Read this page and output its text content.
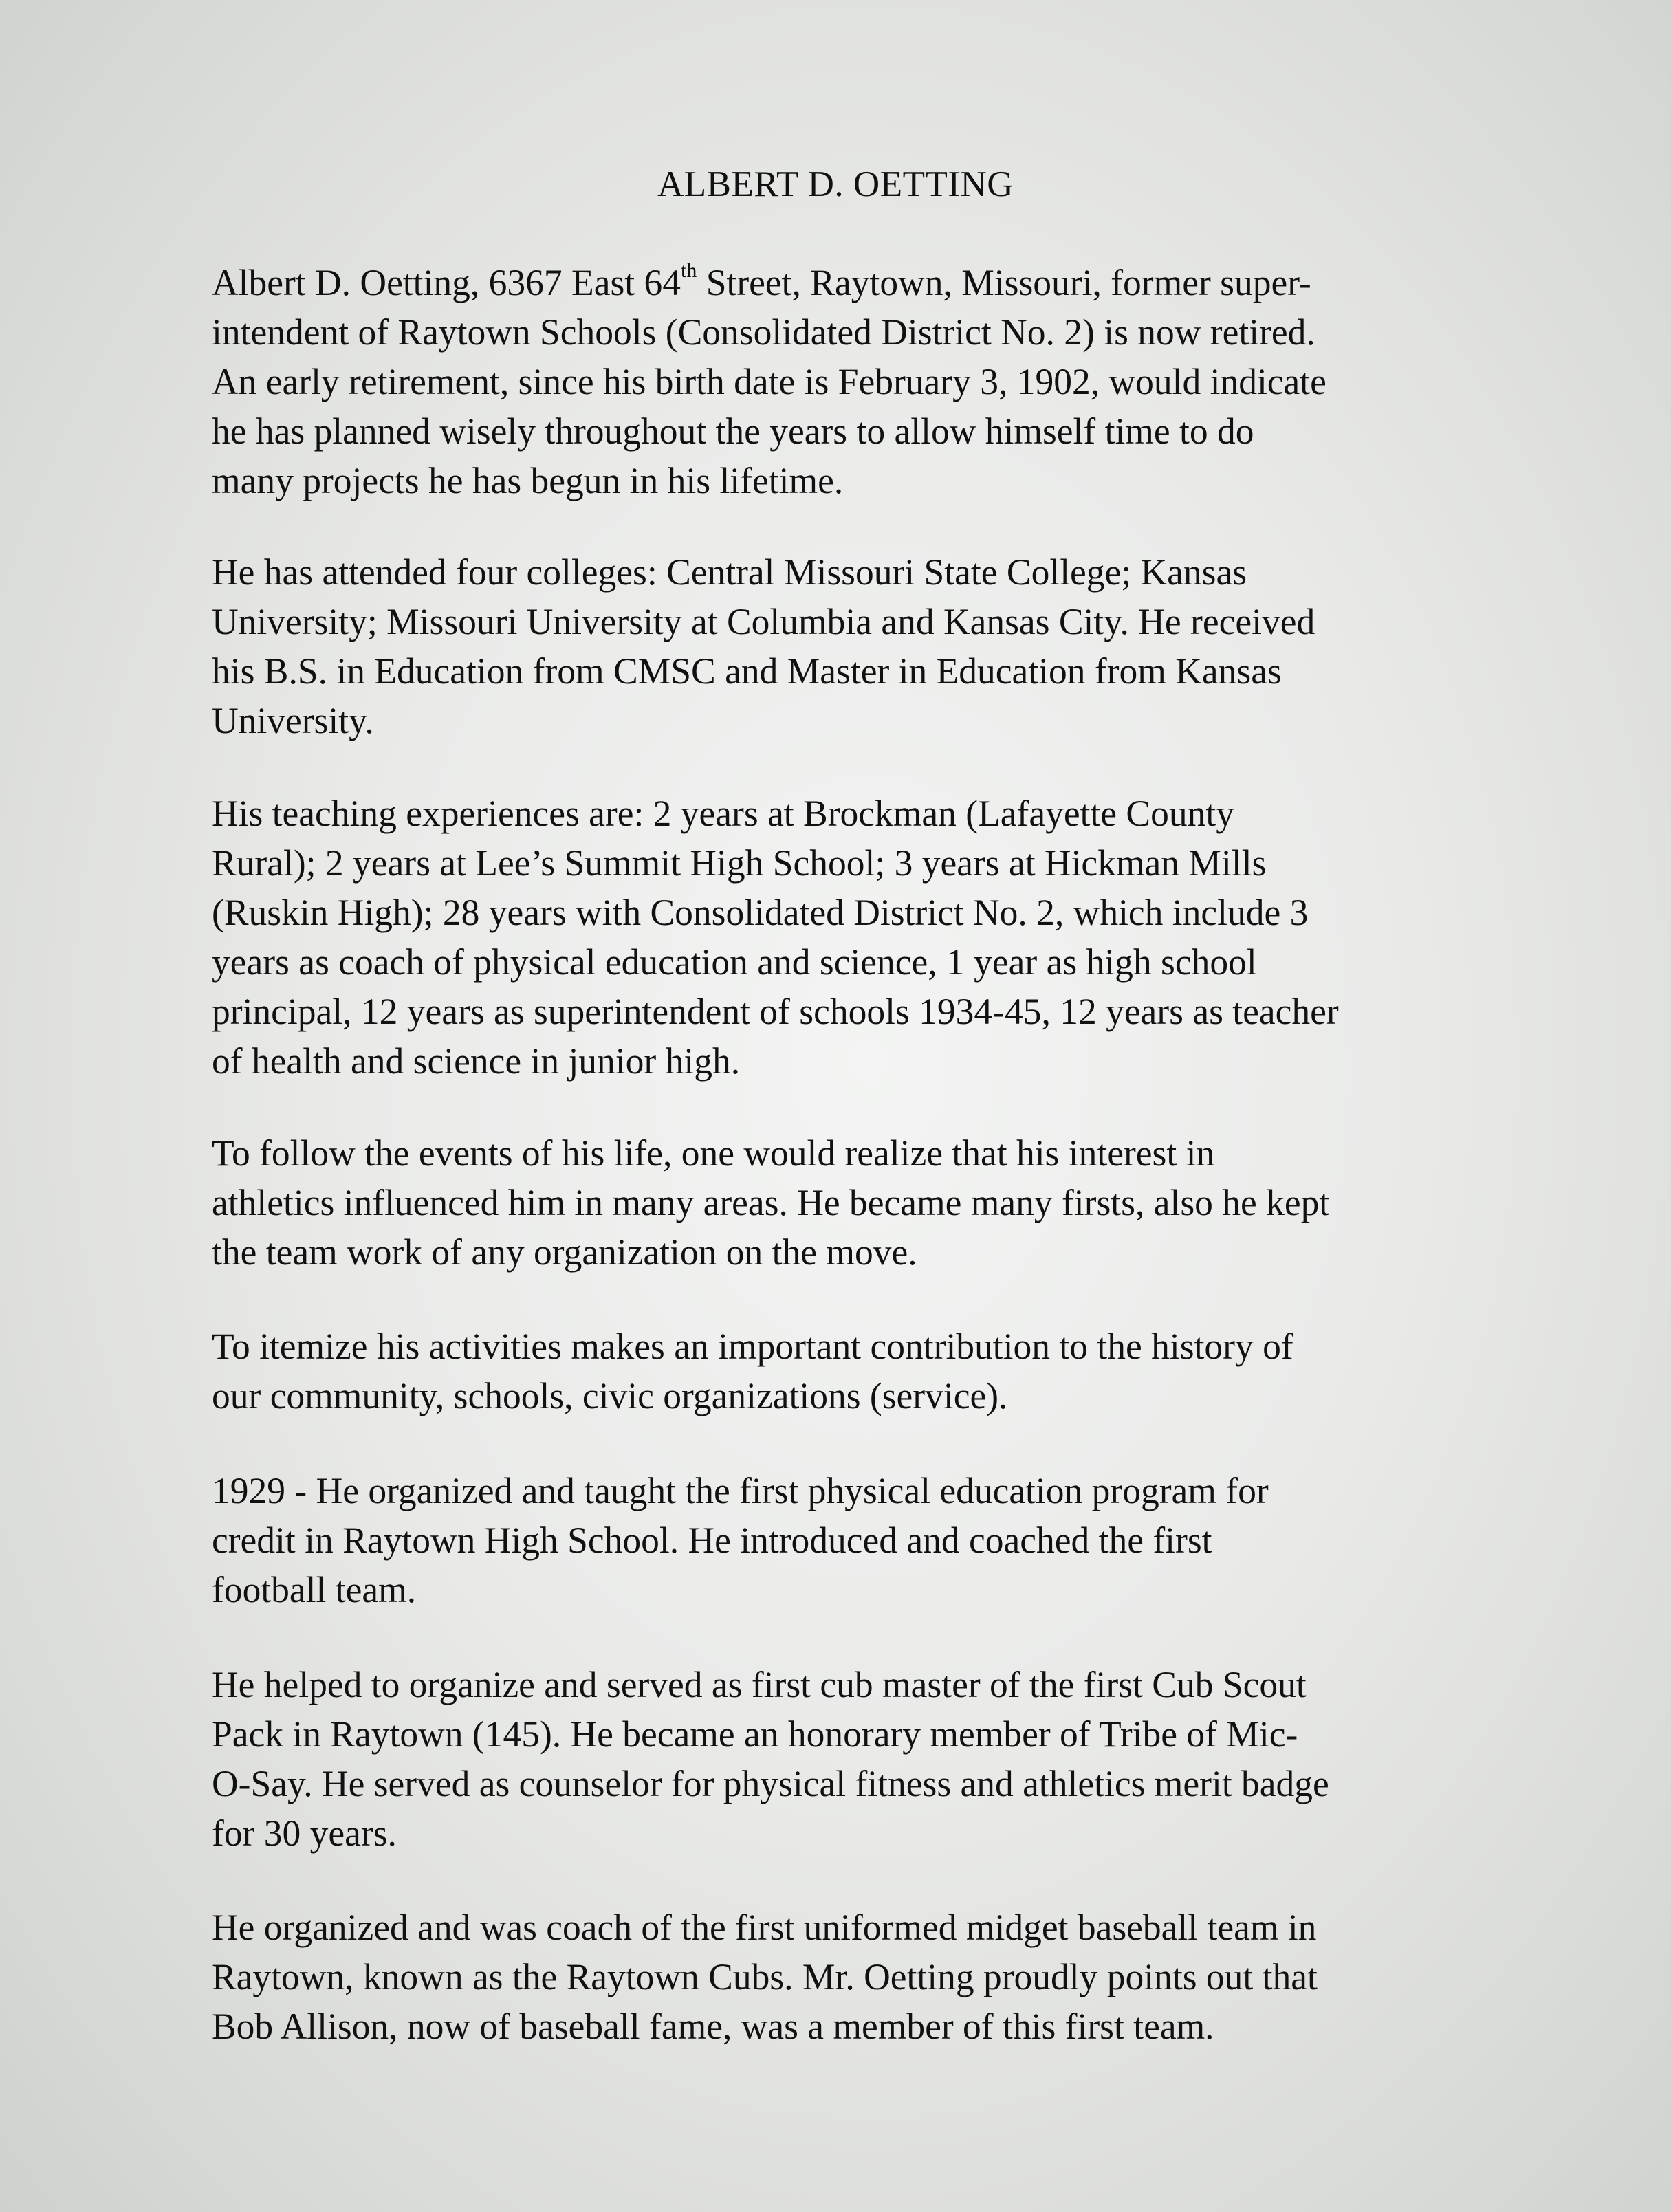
ALBERT D. OETTING

Albert D. Oetting, 6367 East 64th Street, Raytown, Missouri, former super-
intendent of Raytown Schools (Consolidated District No. 2) is now retired.
An early retirement, since his birth date is February 3, 1902, would indicate
he has planned wisely throughout the years to allow himself time to do
many projects he has begun in his lifetime.

He has attended four colleges: Central Missouri State College; Kansas
University; Missouri University at Columbia and Kansas City. He received
his B.S. in Education from CMSC and Master in Education from Kansas
University.

His teaching experiences are: 2 years at Brockman (Lafayette County
Rural); 2 years at Lee’s Summit High School; 3 years at Hickman Mills
(Ruskin High); 28 years with Consolidated District No. 2, which include 3
years as coach of physical education and science, 1 year as high school
principal, 12 years as superintendent of schools 1934-45, 12 years as teacher
of health and science in junior high.

To follow the events of his life, one would realize that his interest in
athletics influenced him in many areas. He became many firsts, also he kept
the team work of any organization on the move.

To itemize his activities makes an important contribution to the history of
our community, schools, civic organizations (service).

1929 - He organized and taught the first physical education program for
credit in Raytown High School. He introduced and coached the first
football team.

He helped to organize and served as first cub master of the first Cub Scout
Pack in Raytown (145). He became an honorary member of Tribe of Mic-
O-Say. He served as counselor for physical fitness and athletics merit badge
for 30 years.

He organized and was coach of the first uniformed midget baseball team in
Raytown, known as the Raytown Cubs. Mr. Oetting proudly points out that
Bob Allison, now of baseball fame, was a member of this first team.
